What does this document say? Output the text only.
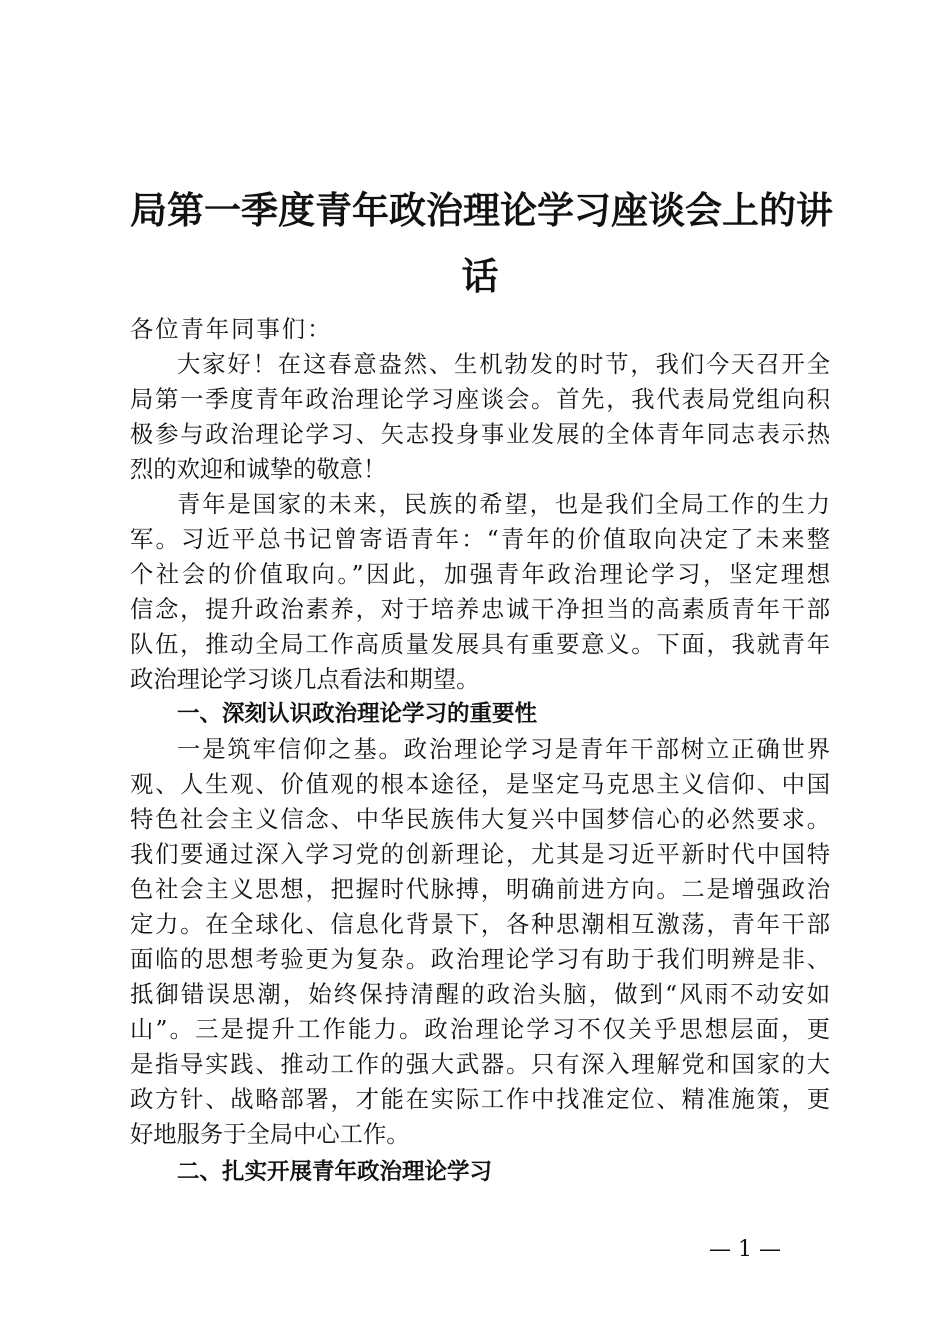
局第一季度青年政治理论学习座谈会上的讲
话
各位青年同事们：
大家好！在这春意盎然、生机勃发的时节，我们今天召开全
局第一季度青年政治理论学习座谈会。首先，我代表局党组向积
极参与政治理论学习、矢志投身事业发展的全体青年同志表示热
烈的欢迎和诚挚的敬意！
青年是国家的未来，民族的希望，也是我们全局工作的生力
军。习近平总书记曾寄语青年：“青年的价值取向决定了未来整
个社会的价值取向。”因此，加强青年政治理论学习，坚定理想
信念，提升政治素养，对于培养忠诚干净担当的高素质青年干部
队伍，推动全局工作高质量发展具有重要意义。下面，我就青年
政治理论学习谈几点看法和期望。
一、深刻认识政治理论学习的重要性
一是筑牢信仰之基。政治理论学习是青年干部树立正确世界
观、人生观、价值观的根本途径，是坚定马克思主义信仰、中国
特色社会主义信念、中华民族伟大复兴中国梦信心的必然要求。
我们要通过深入学习党的创新理论，尤其是习近平新时代中国特
色社会主义思想，把握时代脉搏，明确前进方向。二是增强政治
定力。在全球化、信息化背景下，各种思潮相互激荡，青年干部
面临的思想考验更为复杂。政治理论学习有助于我们明辨是非、
抵御错误思潮，始终保持清醒的政治头脑，做到“风雨不动安如
山”。三是提升工作能力。政治理论学习不仅关乎思想层面，更
是指导实践、推动工作的强大武器。只有深入理解党和国家的大
政方针、战略部署，才能在实际工作中找准定位、精准施策，更
好地服务于全局中心工作。
二、扎实开展青年政治理论学习
— 1 —
